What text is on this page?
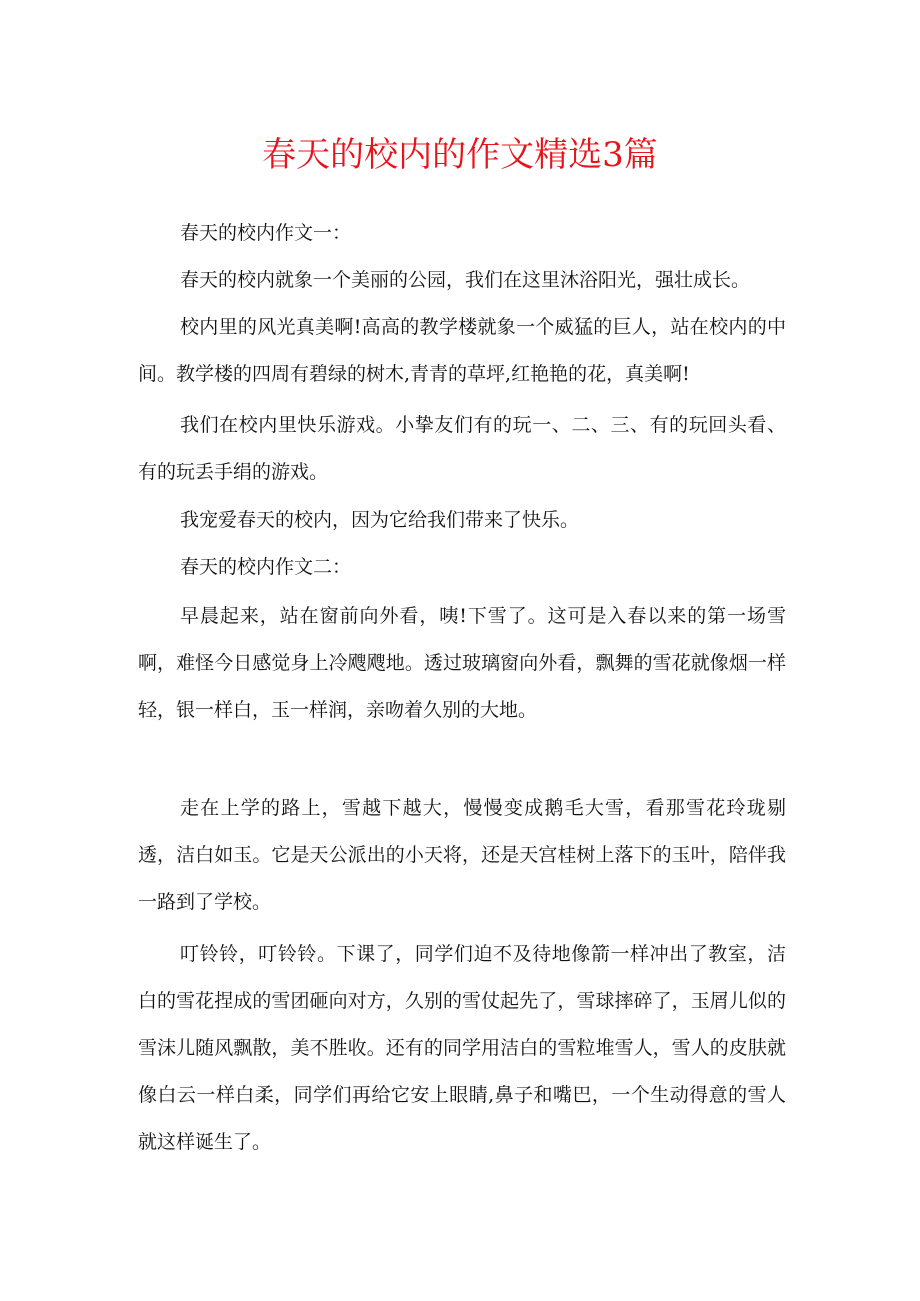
春天的校内的作文精选3篇

春天的校内作文一：

春天的校内就象一个美丽的公园，我们在这里沐浴阳光，强壮成长。

校内里的风光真美啊!高高的教学楼就象一个威猛的巨人，站在校内的中间。教学楼的四周有碧绿的树木,青青的草坪,红艳艳的花，真美啊!

我们在校内里快乐游戏。小挚友们有的玩一、二、三、有的玩回头看、有的玩丢手绢的游戏。

我宠爱春天的校内，因为它给我们带来了快乐。

春天的校内作文二：

早晨起来，站在窗前向外看，咦!下雪了。这可是入春以来的第一场雪啊，难怪今日感觉身上冷飕飕地。透过玻璃窗向外看，飘舞的雪花就像烟一样轻，银一样白，玉一样润，亲吻着久别的大地。

走在上学的路上，雪越下越大，慢慢变成鹅毛大雪，看那雪花玲珑剔透，洁白如玉。它是天公派出的小天将，还是天宫桂树上落下的玉叶，陪伴我一路到了学校。

叮铃铃，叮铃铃。下课了，同学们迫不及待地像箭一样冲出了教室，洁白的雪花捏成的雪团砸向对方，久别的雪仗起先了，雪球摔碎了，玉屑儿似的雪沫儿随风飘散，美不胜收。还有的同学用洁白的雪粒堆雪人，雪人的皮肤就像白云一样白柔，同学们再给它安上眼睛,鼻子和嘴巴，一个生动得意的雪人就这样诞生了。
